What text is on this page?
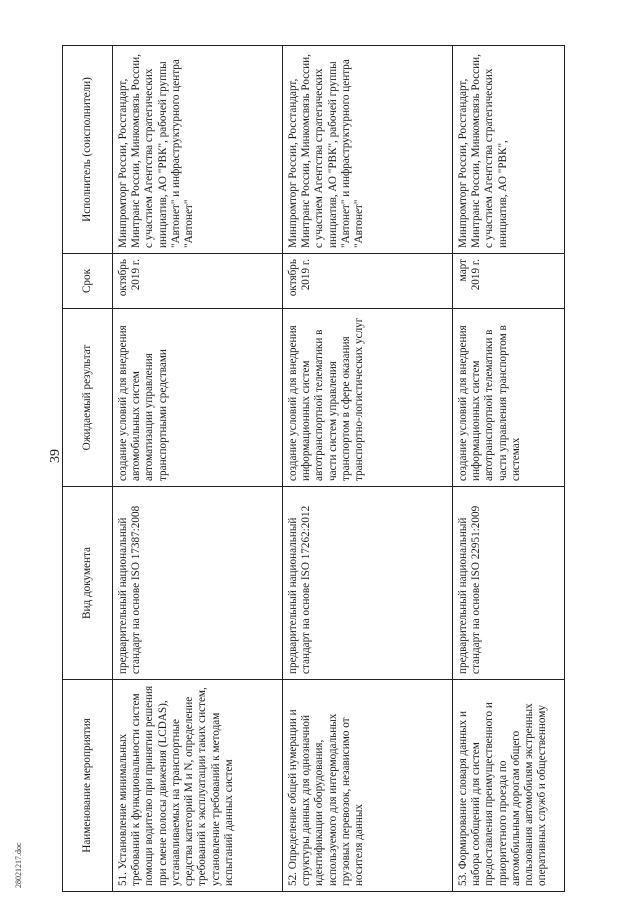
39
Наименование мероприятия	Вид документа	Ожидаемый результат	Срок	Исполнитель (соисполнители)
51. Установление минимальных требований к функциональности систем помощи водителю при принятии решения при смене полосы движения (LCDAS), устанавливаемых на транспортные средства категорий M и N, определение требований к эксплуатации таких систем, установление требований к методам испытаний данных систем	предварительный национальный стандарт на основе ISO 17387:2008	создание условий для внедрения автомобильных систем автоматизации управления транспортными средствами	октябрь 2019 г.	Минпромторг России, Росстандарт, Минтранс России, Минкомсвязь России, с участием Агентства стратегических инициатив, АО "РВК", рабочей группы "Автонет" и инфраструктурного центра "Автонет"
52. Определение общей нумерации и структуры данных для однозначной идентификации оборудования, используемого для интермодальных грузовых перевозок, независимо от носителя данных	предварительный национальный стандарт на основе ISO 17262:2012	создание условий для внедрения информационных систем автотранспортной телематики в части систем управления транспортом в сфере оказания транспортно-логистических услуг	октябрь 2019 г.	Минпромторг России, Росстандарт, Минтранс России, Минкомсвязь России, с участием Агентства стратегических инициатив, АО "РВК", рабочей группы "Автонет" и инфраструктурного центра "Автонет"
53. Формирование словаря данных и набора сообщений для систем предоставления преимущественного и приоритетного проезда по автомобильным дорогам общего пользования автомобилям экстренных оперативных служб и общественному	предварительный национальный стандарт на основе ISO 22951:2009	создание условий для внедрения информационных систем автотранспортной телематики в части управления транспортом в системах	март 2019 г.	Минпромторг России, Росстандарт, Минтранс России, Минкомсвязь России, с участием Агентства стратегических инициатив, АО "РВК",
28021217.doc
